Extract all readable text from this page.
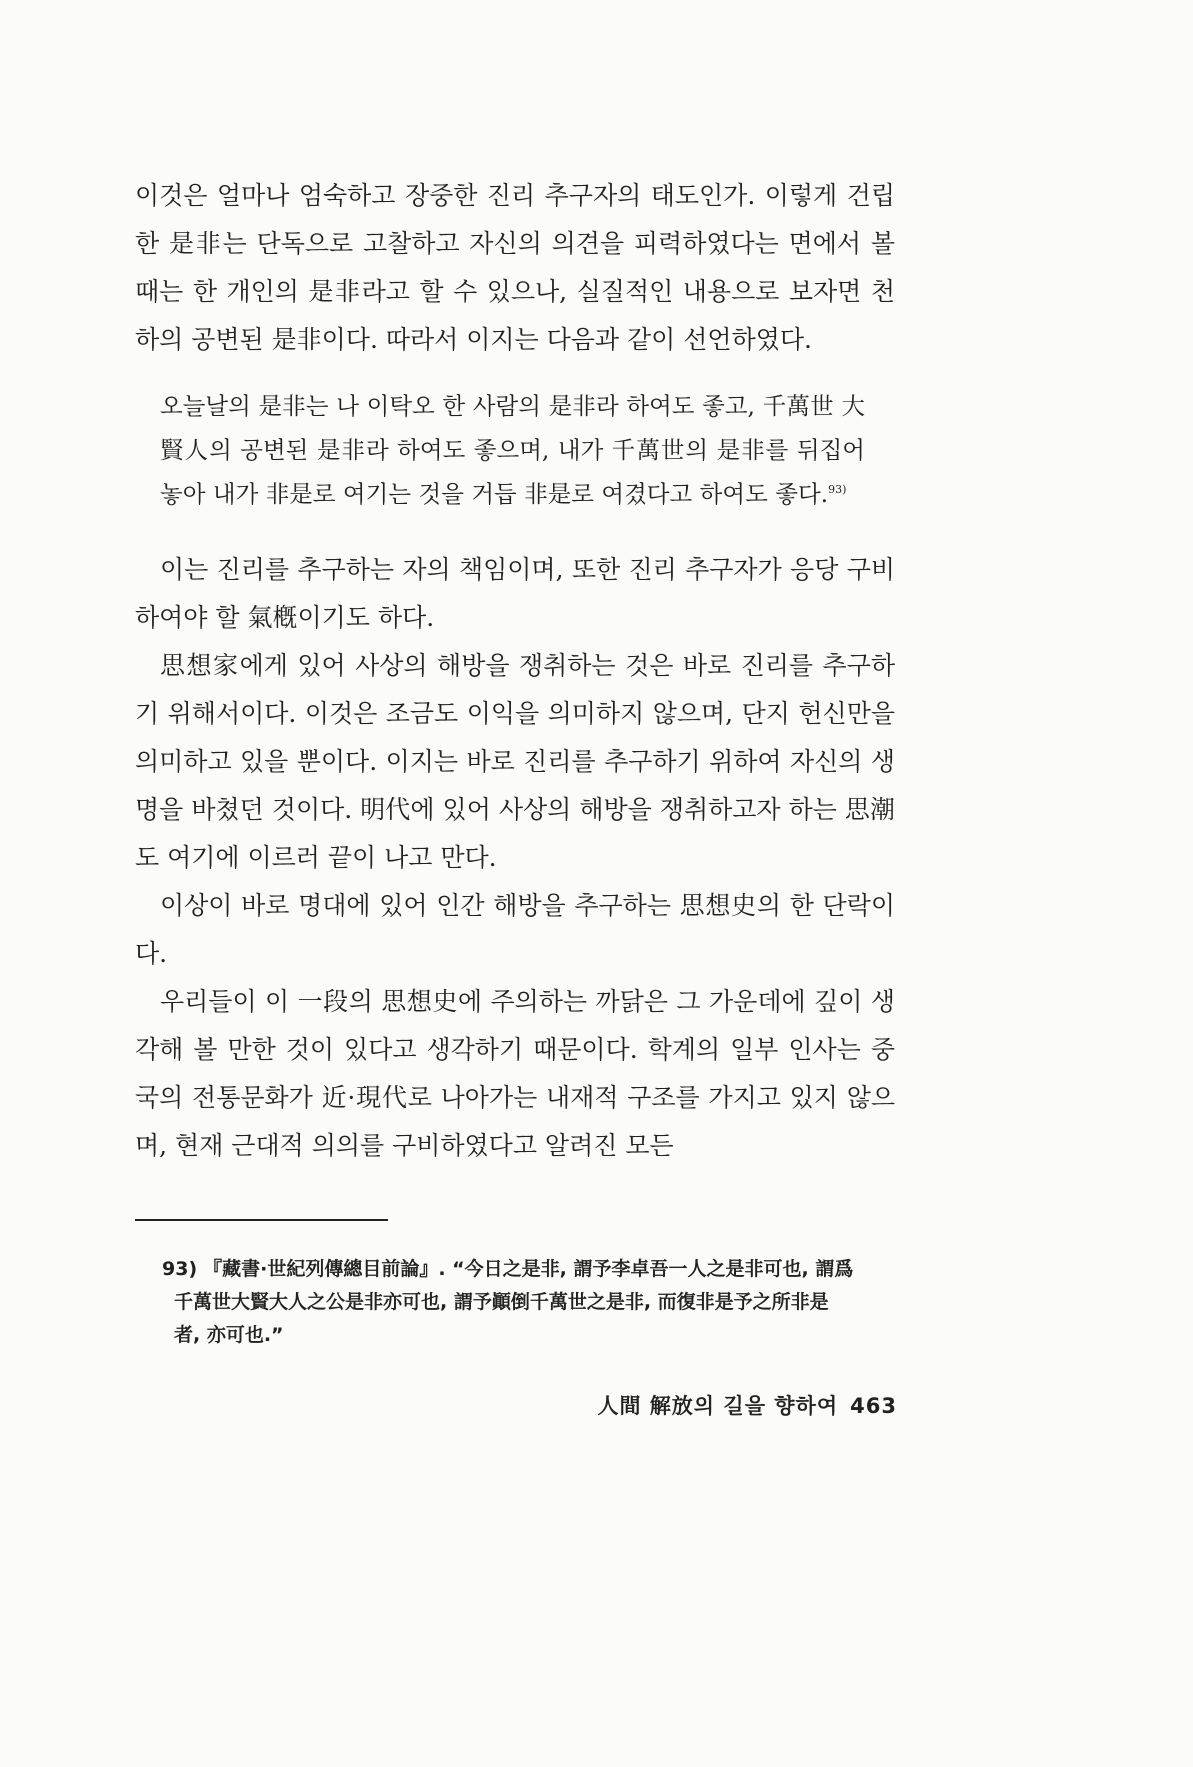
이것은 얼마나 엄숙하고 장중한 진리 추구자의 태도인가. 이렇게 건립한 是非는 단독으로 고찰하고 자신의 의견을 피력하였다는 면에서 볼 때는 한 개인의 是非라고 할 수 있으나, 실질적인 내용으로 보자면 천하의 공변된 是非이다. 따라서 이지는 다음과 같이 선언하였다.

오늘날의 是非는 나 이탁오 한 사람의 是非라 하여도 좋고, 千萬世 大賢人의 공변된 是非라 하여도 좋으며, 내가 千萬世의 是非를 뒤집어 놓아 내가 非是로 여기는 것을 거듭 非是로 여겼다고 하여도 좋다.$^{93)}$

이는 진리를 추구하는 자의 책임이며, 또한 진리 추구자가 응당 구비하여야 할 氣槪이기도 하다.

思想家에게 있어 사상의 해방을 쟁취하는 것은 바로 진리를 추구하기 위해서이다. 이것은 조금도 이익을 의미하지 않으며, 단지 헌신만을 의미하고 있을 뿐이다. 이지는 바로 진리를 추구하기 위하여 자신의 생명을 바쳤던 것이다. 明代에 있어 사상의 해방을 쟁취하고자 하는 思潮도 여기에 이르러 끝이 나고 만다.

이상이 바로 명대에 있어 인간 해방을 추구하는 思想史의 한 단락이다.

우리들이 이 一段의 思想史에 주의하는 까닭은 그 가운데에 깊이 생각해 볼 만한 것이 있다고 생각하기 때문이다. 학계의 일부 인사는 중국의 전통문화가 近·現代로 나아가는 내재적 구조를 가지고 있지 않으며, 현재 근대적 의의를 구비하였다고 알려진 모든

93) 『藏書·世紀列傳總目前論』. “今日之是非, 謂予李卓吾一人之是非可也, 謂爲
千萬世大賢大人之公是非亦可也, 謂予顚倒千萬世之是非, 而復非是予之所非是
者, 亦可也.”
人間 解放의 길을 향하여 463
